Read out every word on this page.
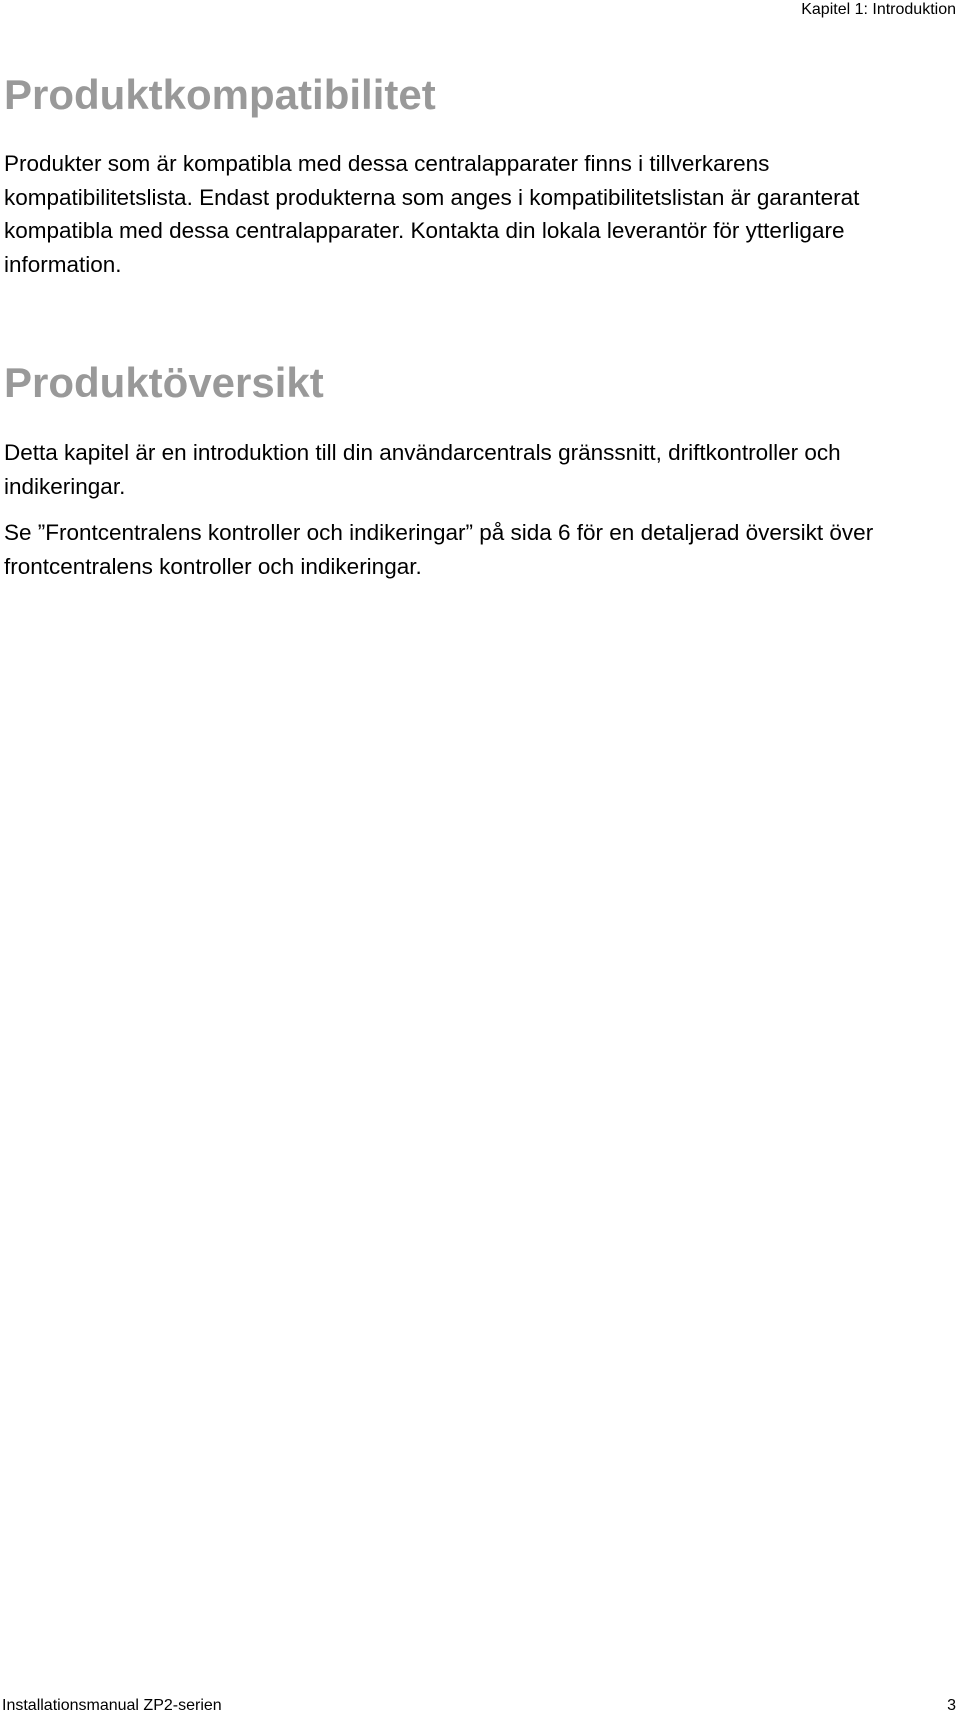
Kapitel 1: Introduktion
Produktkompatibilitet

Produkter som är kompatibla med dessa centralapparater finns i tillverkarens kompatibilitetslista. Endast produkterna som anges i kompatibilitetslistan är garanterat kompatibla med dessa centralapparater. Kontakta din lokala leverantör för ytterligare information.

Produktöversikt

Detta kapitel är en introduktion till din användarcentrals gränssnitt, driftkontroller och indikeringar.

Se ”Frontcentralens kontroller och indikeringar” på sida 6 för en detaljerad översikt över frontcentralens kontroller och indikeringar.

Installationsmanual ZP2-serien	3
